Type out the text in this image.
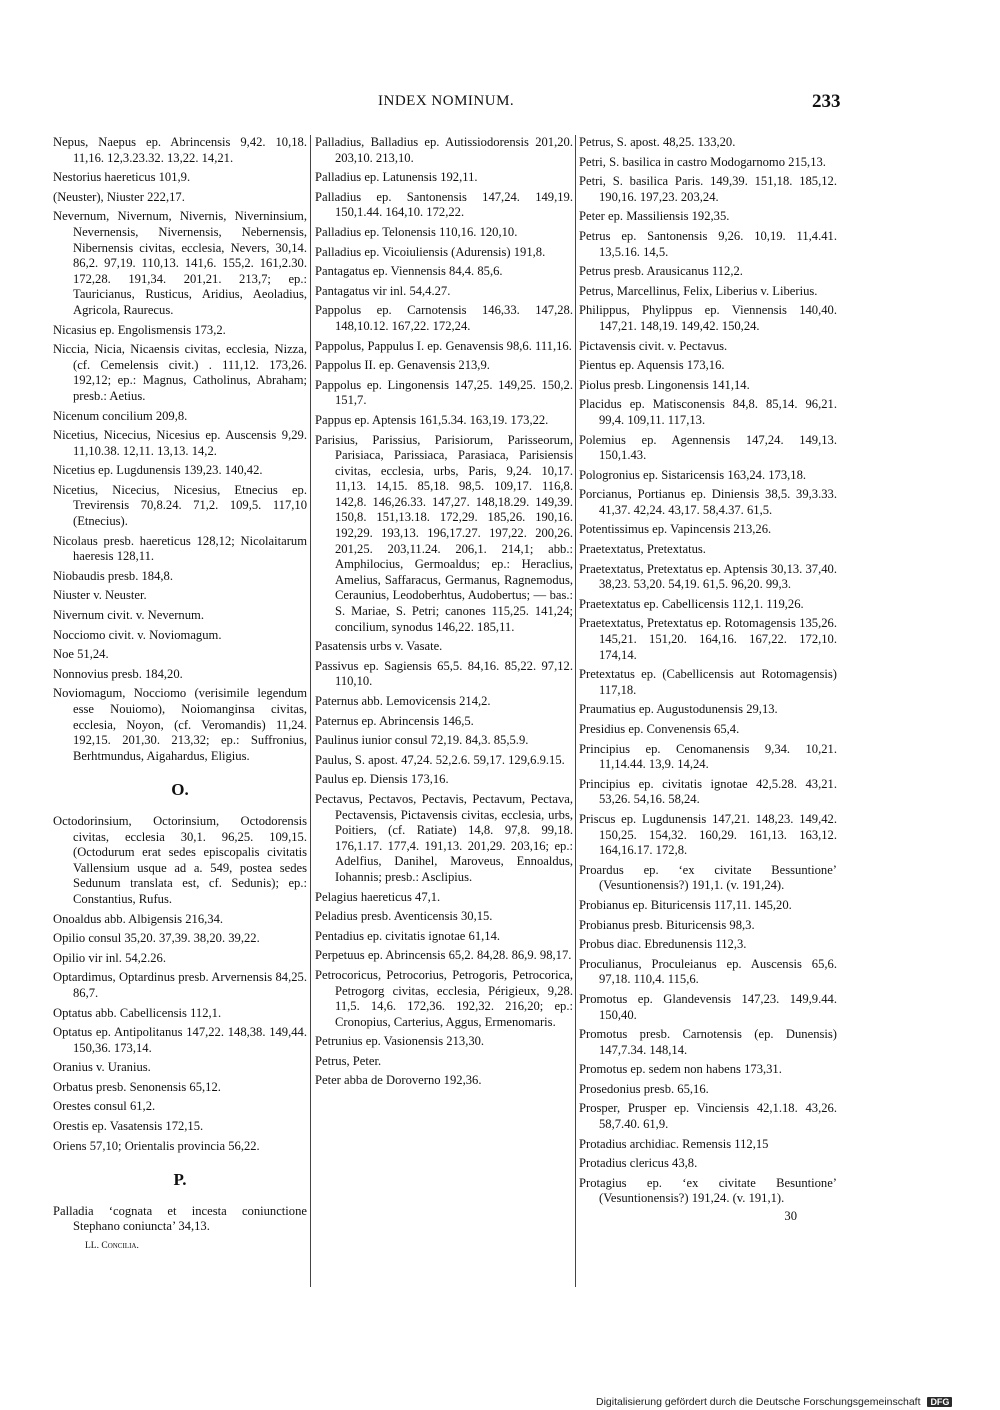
INDEX NOMINUM.	233
Nepus, Naepus ep. Abrincensis 9,42. 10,18. 11,16. 12,3.23.32. 13,22. 14,21.
Nestorius haereticus 101,9.
(Neuster), Niuster 222,17.
Nevernum, Nivernum, Nivernis, Niverninsium, Nevernensis, Nivernensis, Nebernensis, Nibernensis civitas, ecclesia, Nevers, 30,14. 86,2. 97,19. 110,13. 141,6. 155,2. 161,2.30. 172,28. 191,34. 201,21. 213,7; ep.: Tauricianus, Rusticus, Aridius, Aeoladius, Agricola, Raurecus.
Nicasius ep. Engolismensis 173,2.
Niccia, Nicia, Nicaensis civitas, ecclesia, Nizza, (cf. Cemelensis civit.) . 111,12. 173,26. 192,12; ep.: Magnus, Catholinus, Abraham; presb.: Aetius.
Nicenum concilium 209,8.
Nicetius, Nicecius, Nicesius ep. Auscensis 9,29. 11,10.38. 12,11. 13,13. 14,2.
Nicetius ep. Lugdunensis 139,23. 140,42.
Nicetius, Nicecius, Nicesius, Etnecius ep. Trevirensis 70,8.24. 71,2. 109,5. 117,10 (Etnecius).
Nicolaus presb. haereticus 128,12; Nicolaitarum haeresis 128,11.
Niobaudis presb. 184,8.
Niuster v. Neuster.
Nivernum civit. v. Nevernum.
Nocciomo civit. v. Noviomagum.
Noe 51,24.
Nonnovius presb. 184,20.
Noviomagum, Nocciomo (verisimile legendum esse Nouiomo), Noiomanginsa civitas, ecclesia, Noyon, (cf. Veromandis) 11,24. 192,15. 201,30. 213,32; ep.: Suffronius, Berhtmundus, Aigahardus, Eligius.
O.
Octodorinsium, Octorinsium, Octodorensis civitas, ecclesia 30,1. 96,25. 109,15. (Octodurum erat sedes episcopalis civitatis Vallensium usque ad a. 549, postea sedes Sedunum translata est, cf. Sedunis); ep.: Constantius, Rufus.
Onoaldus abb. Albigensis 216,34.
Opilio consul 35,20. 37,39. 38,20. 39,22.
Opilio vir inl. 54,2.26.
Optardimus, Optardinus presb. Arvernensis 84,25. 86,7.
Optatus abb. Cabellicensis 112,1.
Optatus ep. Antipolitanus 147,22. 148,38. 149,44. 150,36. 173,14.
Oranius v. Uranius.
Orbatus presb. Senonensis 65,12.
Orestes consul 61,2.
Orestis ep. Vasatensis 172,15.
Oriens 57,10; Orientalis provincia 56,22.
P.
Palladia ‘cognata et incesta coniunctione Stephano coniuncta’ 34,13.
LL. Concilia.
Palladius, Balladius ep. Autissiodorensis 201,20. 203,10. 213,10.
Palladius ep. Latunensis 192,11.
Palladius ep. Santonensis 147,24. 149,19. 150,1.44. 164,10. 172,22.
Palladius ep. Telonensis 110,16. 120,10.
Palladius ep. Vicoiuliensis (Adurensis) 191,8.
Pantagatus ep. Viennensis 84,4. 85,6.
Pantagatus vir inl. 54,4.27.
Pappolus ep. Carnotensis 146,33. 147,28. 148,10.12. 167,22. 172,24.
Pappolus, Pappulus I. ep. Genavensis 98,6. 111,16.
Pappolus II. ep. Genavensis 213,9.
Pappolus ep. Lingonensis 147,25. 149,25. 150,2. 151,7.
Pappus ep. Aptensis 161,5.34. 163,19. 173,22.
Parisius, Parissius, Parisiorum, Parisseorum, Parisiaca, Parissiaca, Parasiaca, Parisiensis civitas, ecclesia, urbs, Paris, 9,24. 10,17. 11,13. 14,15. 85,18. 98,5. 109,17. 116,8. 142,8. 146,26.33. 147,27. 148,18.29. 149,39. 150,8. 151,13.18. 172,29. 185,26. 190,16. 192,29. 193,13. 196,17.27. 197,22. 200,26. 201,25. 203,11.24. 206,1. 214,1; abb.: Amphilocius, Germoaldus; ep.: Heraclius, Amelius, Saffaracus, Germanus, Ragnemodus, Ceraunius, Leodoberhtus, Audobertus; — bas.: S. Mariae, S. Petri; canones 115,25. 141,24; concilium, synodus 146,22. 185,11.
Pasatensis urbs v. Vasate.
Passivus ep. Sagiensis 65,5. 84,16. 85,22. 97,12. 110,10.
Paternus abb. Lemovicensis 214,2.
Paternus ep. Abrincensis 146,5.
Paulinus iunior consul 72,19. 84,3. 85,5.9.
Paulus, S. apost. 47,24. 52,2.6. 59,17. 129,6.9.15.
Paulus ep. Diensis 173,16.
Pectavus, Pectavos, Pectavis, Pectavum, Pectava, Pectavensis, Pictavensis civitas, ecclesia, urbs, Poitiers, (cf. Ratiate) 14,8. 97,8. 99,18. 176,1.17. 177,4. 191,13. 201,29. 203,16; ep.: Adelfius, Danihel, Maroveus, Ennoaldus, Iohannis; presb.: Asclipius.
Pelagius haereticus 47,1.
Peladius presb. Aventicensis 30,15.
Pentadius ep. civitatis ignotae 61,14.
Perpetuus ep. Abrincensis 65,2. 84,28. 86,9. 98,17.
Petrocoricus, Petrocorius, Petrogoris, Petrocorica, Petrogorg civitas, ecclesia, Périgieux, 9,28. 11,5. 14,6. 172,36. 192,32. 216,20; ep.: Cronopius, Carterius, Aggus, Ermenomaris.
Petrunius ep. Vasionensis 213,30.
Petrus, Peter.
Peter abba de Doroverno 192,36.
Petrus, S. apost. 48,25. 133,20.
Petri, S. basilica in castro Modogarnomo 215,13.
Petri, S. basilica Paris. 149,39. 151,18. 185,12. 190,16. 197,23. 203,24.
Peter ep. Massiliensis 192,35.
Petrus ep. Santonensis 9,26. 10,19. 11,4.41. 13,5.16. 14,5.
Petrus presb. Arausicanus 112,2.
Petrus, Marcellinus, Felix, Liberius v. Liberius.
Philippus, Phylippus ep. Viennensis 140,40. 147,21. 148,19. 149,42. 150,24.
Pictavensis civit. v. Pectavus.
Pientus ep. Aquensis 173,16.
Piolus presb. Lingonensis 141,14.
Placidus ep. Matisconensis 84,8. 85,14. 96,21. 99,4. 109,11. 117,13.
Polemius ep. Agennensis 147,24. 149,13. 150,1.43.
Pologronius ep. Sistaricensis 163,24. 173,18.
Porcianus, Portianus ep. Diniensis 38,5. 39,3.33. 41,37. 42,24. 43,17. 58,4.37. 61,5.
Potentissimus ep. Vapincensis 213,26.
Praetextatus, Pretextatus.
Praetextatus, Pretextatus ep. Aptensis 30,13. 37,40. 38,23. 53,20. 54,19. 61,5. 96,20. 99,3.
Praetextatus ep. Cabellicensis 112,1. 119,26.
Praetextatus, Pretextatus ep. Rotomagensis 135,26. 145,21. 151,20. 164,16. 167,22. 172,10. 174,14.
Pretextatus ep. (Cabellicensis aut Rotomagensis) 117,18.
Praumatius ep. Augustodunensis 29,13.
Presidius ep. Convenensis 65,4.
Principius ep. Cenomanensis 9,34. 10,21. 11,14.44. 13,9. 14,24.
Principius ep. civitatis ignotae 42,5.28. 43,21. 53,26. 54,16. 58,24.
Priscus ep. Lugdunensis 147,21. 148,23. 149,42. 150,25. 154,32. 160,29. 161,13. 163,12. 164,16.17. 172,8.
Proardus ep. ‘ex civitate Bessuntione’ (Vesuntionensis?) 191,1. (v. 191,24).
Probianus ep. Bituricensis 117,11. 145,20.
Probianus presb. Bituricensis 98,3.
Probus diac. Ebredunensis 112,3.
Proculianus, Proculeianus ep. Auscensis 65,6. 97,18. 110,4. 115,6.
Promotus ep. Glandevensis 147,23. 149,9.44. 150,40.
Promotus presb. Carnotensis (ep. Dunensis) 147,7.34. 148,14.
Promotus ep. sedem non habens 173,31.
Prosedonius presb. 65,16.
Prosper, Prusper ep. Vinciensis 42,1.18. 43,26. 58,7.40. 61,9.
Protadius archidiac. Remensis 112,15
Protadius clericus 43,8.
Protagius ep. ‘ex civitate Besuntione’ (Vesuntionensis?) 191,24. (v. 191,1).
30
Digitalisierung gefördert durch die Deutsche Forschungsgemeinschaft DFG
